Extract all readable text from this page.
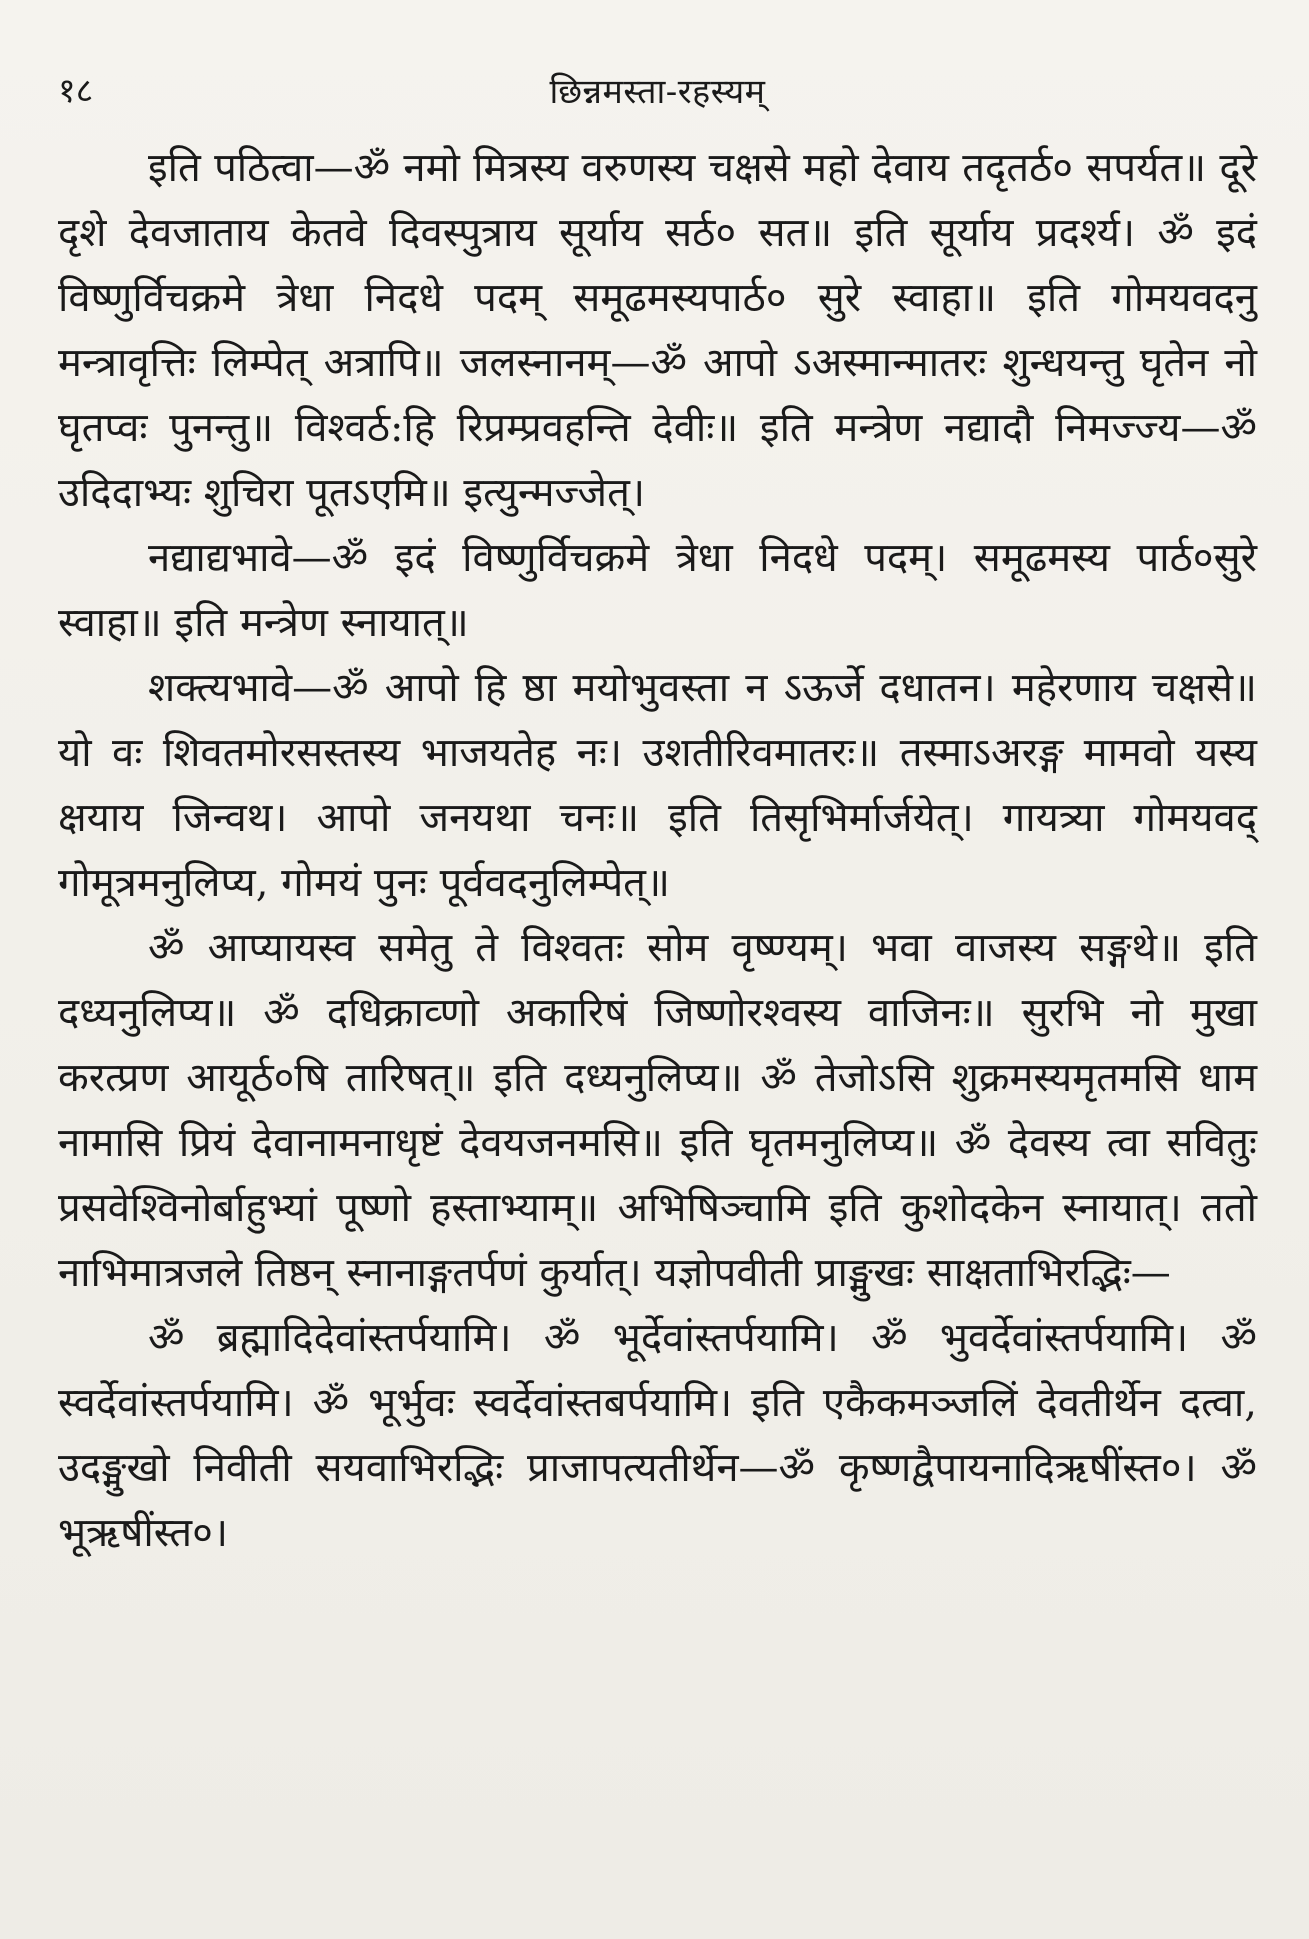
१८	छिन्नमस्ता-रहस्यम्

इति पठित्वा—ॐ नमो मित्रस्य वरुणस्य चक्षसे महो देवाय तदृतर्ठ० सपर्यत॥ दूरे दृशे देवजाताय केतवे दिवस्पुत्राय सूर्याय सर्ठ० सत॥ इति सूर्याय प्रदर्श्य। ॐ इदं विष्णुर्विचक्रमे त्रेधा निदधे पदम् समूढमस्यपार्ठ० सुरे स्वाहा॥ इति गोमयवदनु मन्त्रावृत्तिः लिम्पेत् अत्रापि॥ जलस्नानम्—ॐ आपो ऽअस्मान्मातरः शुन्धयन्तु घृतेन नो घृतप्वः पुनन्तु॥ विश्वर्ठ:हि रिप्रम्प्रवहन्ति देवीः॥ इति मन्त्रेण नद्यादौ निमज्ज्य—ॐ उदिदाभ्यः शुचिरा पूतऽएमि॥ इत्युन्मज्जेत्।

नद्याद्यभावे—ॐ इदं विष्णुर्विचक्रमे त्रेधा निदधे पदम्। समूढमस्य पार्ठ०सुरे स्वाहा॥ इति मन्त्रेण स्नायात्॥

शक्त्यभावे—ॐ आपो हि ष्ठा मयोभुवस्ता न ऽऊर्जे दधातन। महेरणाय चक्षसे॥ यो वः शिवतमोरसस्तस्य भाजयतेह नः। उशतीरिवमातरः॥ तस्माऽअरङ्ग मामवो यस्य क्षयाय जिन्वथ। आपो जनयथा चनः॥ इति तिसृभिर्मार्जयेत्। गायत्र्या गोमयवद् गोमूत्रमनुलिप्य, गोमयं पुनः पूर्ववदनुलिम्पेत्॥

ॐ आप्यायस्व समेतु ते विश्वतः सोम वृष्ण्यम्। भवा वाजस्य सङ्गथे॥ इति दध्यनुलिप्य॥ ॐ दधिक्राव्णो अकारिषं जिष्णोरश्वस्य वाजिनः॥ सुरभि नो मुखा करत्प्रण आयूर्ठ०षि तारिषत्॥ इति दध्यनुलिप्य॥ ॐ तेजोऽसि शुक्रमस्यमृतमसि धाम नामासि प्रियं देवानामनाधृष्टं देवयजनमसि॥ इति घृतमनुलिप्य॥ ॐ देवस्य त्वा सवितुः प्रसवेश्विनोर्बाहुभ्यां पूष्णो हस्ताभ्याम्॥ अभिषिञ्चामि इति कुशोदकेन स्नायात्। ततो नाभिमात्रजले तिष्ठन् स्नानाङ्गतर्पणं कुर्यात्। यज्ञोपवीती प्राङ्मुखः साक्षताभिरद्भिः—

ॐ ब्रह्मादिदेवांस्तर्पयामि। ॐ भूर्देवांस्तर्पयामि। ॐ भुवर्देवांस्तर्पयामि। ॐ स्वर्देवांस्तर्पयामि। ॐ भूर्भुवः स्वर्देवांस्तबर्पयामि। इति एकैकमञ्जलिं देवतीर्थेन दत्वा, उदङ्मुखो निवीती सयवाभिरद्भिः प्राजापत्यतीर्थेन—ॐ कृष्णद्वैपायनादिऋषींस्त०। ॐ भूऋषींस्त०।
